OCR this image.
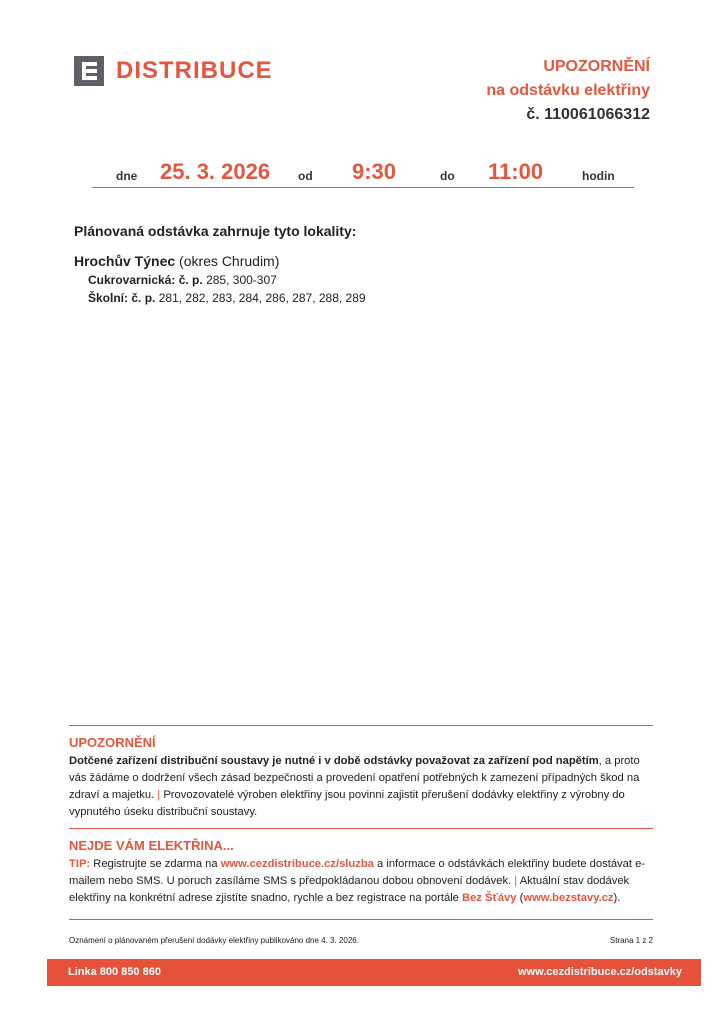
DISTRIBUCE	UPOZORNĚNÍ
na odstávku elektřiny
č. 110061066312
dne 25. 3. 2026 od 9:30	do 11:00	hodin
Plánovaná odstávka zahrnuje tyto lokality:
Hrochův Týnec (okres Chrudim)
Cukrovarnická: č. p. 285, 300-307
Školní: č. p. 281, 282, 283, 284, 286, 287, 288, 289
UPOZORNĚNÍ
Dotčené zařízení distribuční soustavy je nutné i v době odstávky považovat za zařízení pod napětím, a proto vás žádáme o dodržení všech zásad bezpečnosti a provedení opatření potřebných k zamezení případných škod na zdraví a majetku. | Provozovatelé výroben elektřiny jsou povinni zajistit přerušení dodávky elektřiny z výrobny do vypnutého úseku distribuční soustavy.
NEJDE VÁM ELEKTŘINA...
TIP: Registrujte se zdarma na www.cezdistribuce.cz/sluzba a informace o odstávkách elektřiny budete dostávat e-mailem nebo SMS. U poruch zasíláme SMS s předpokládanou dobou obnovení dodávek. | Aktuální stav dodávek elektřiny na konkrétní adrese zjistíte snadno, rychle a bez registrace na portále Bez Šťávy (www.bezstavy.cz).
Oznámení o plánovaném přerušení dodávky elektřiny publikováno dne 4. 3. 2026.	Strana 1 z 2
Linka 800 850 860	www.cezdistribuce.cz/odstavky
